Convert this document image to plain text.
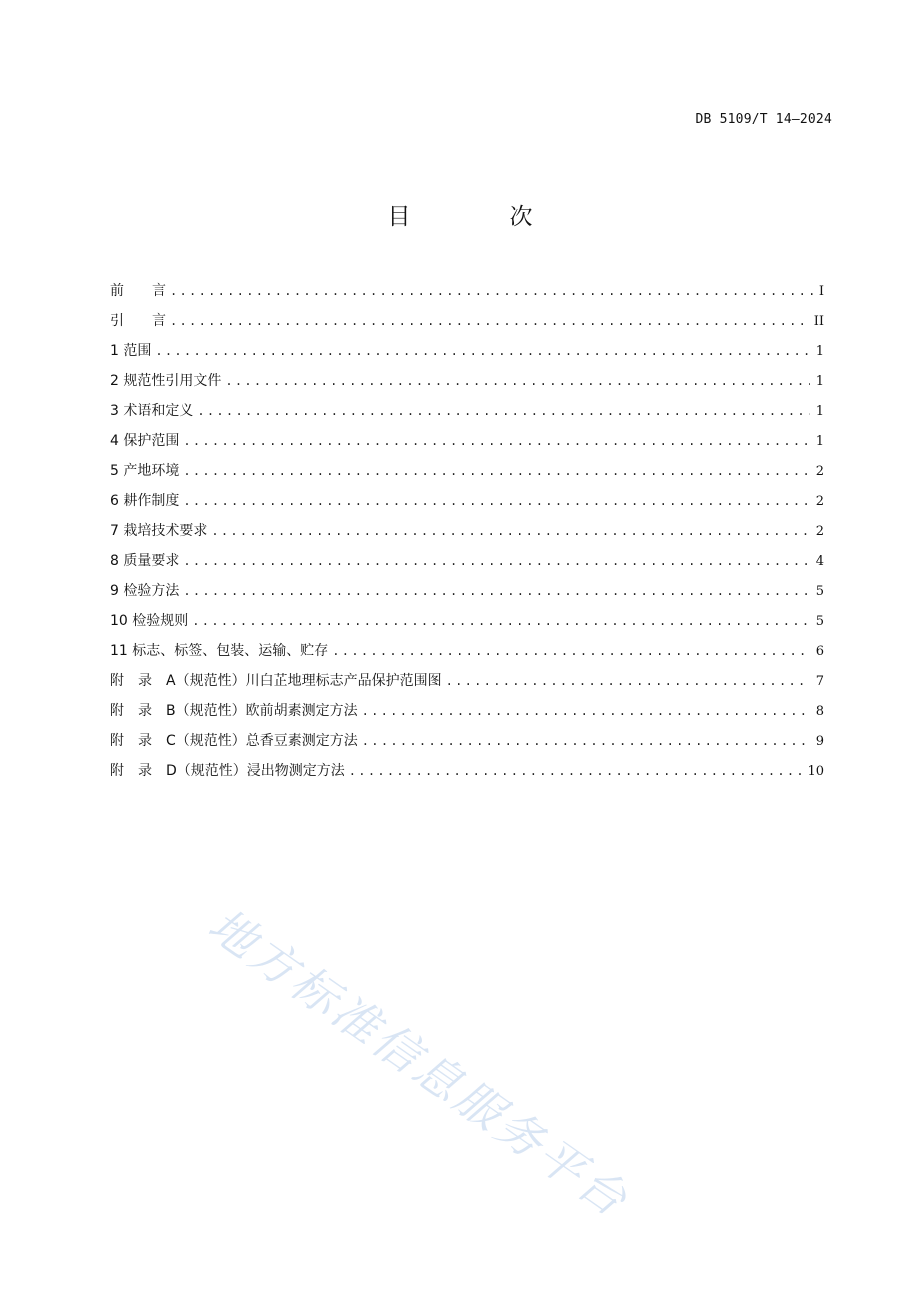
DB 5109/T 14—2024
目　次
前　　言 .....	I
引　　言 .....	II
1 范围 .....	1
2 规范性引用文件 .....	1
3 术语和定义 .....	1
4 保护范围 .....	1
5 产地环境 .....	2
6 耕作制度 .....	2
7 栽培技术要求 .....	2
8 质量要求 .....	4
9 检验方法 .....	5
10 检验规则 .....	5
11 标志、标签、包装、运输、贮存 .....	6
附　录　A（规范性）川白芷地理标志产品保护范围图 .....	7
附　录　B（规范性）欧前胡素测定方法 .....	8
附　录　C（规范性）总香豆素测定方法 .....	9
附　录　D（规范性）浸出物测定方法 .....	10
地方标准信息服务平台
